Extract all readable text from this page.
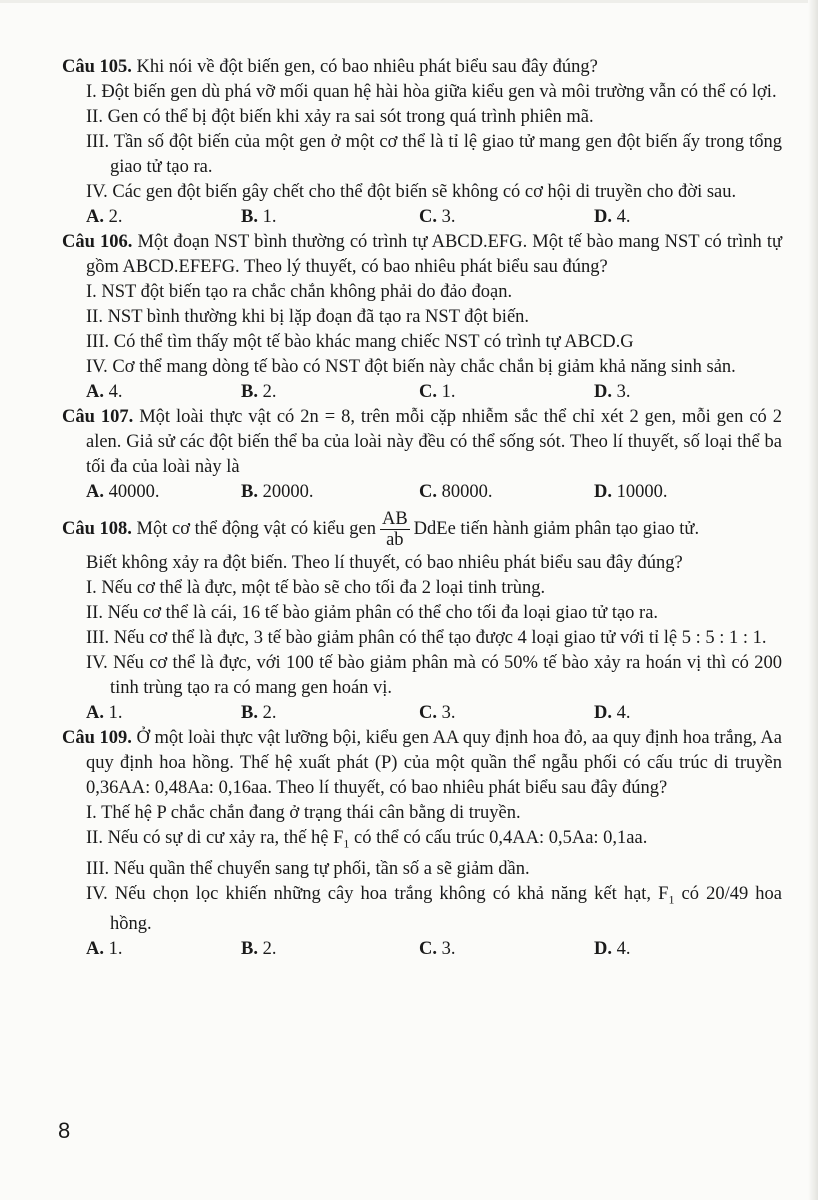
Câu 105. Khi nói về đột biến gen, có bao nhiêu phát biểu sau đây đúng?

I. Đột biến gen dù phá vỡ mối quan hệ hài hòa giữa kiểu gen và môi trường vẫn có thể có lợi.

II. Gen có thể bị đột biến khi xảy ra sai sót trong quá trình phiên mã.

III. Tần số đột biến của một gen ở một cơ thể là tỉ lệ giao tử mang gen đột biến ấy trong tổng giao tử tạo ra.

IV. Các gen đột biến gây chết cho thể đột biến sẽ không có cơ hội di truyền cho đời sau.

A. 2.	B. 1.	C. 3.	D. 4.

Câu 106. Một đoạn NST bình thường có trình tự ABCD.EFG. Một tế bào mang NST có trình tự gồm ABCD.EFEFG. Theo lý thuyết, có bao nhiêu phát biểu sau đúng?

I. NST đột biến tạo ra chắc chắn không phải do đảo đoạn.

II. NST bình thường khi bị lặp đoạn đã tạo ra NST đột biến.

III. Có thể tìm thấy một tế bào khác mang chiếc NST có trình tự ABCD.G

IV. Cơ thể mang dòng tế bào có NST đột biến này chắc chắn bị giảm khả năng sinh sản.

A. 4.	B. 2.	C. 1.	D. 3.

Câu 107. Một loài thực vật có 2n = 8, trên mỗi cặp nhiễm sắc thể chỉ xét 2 gen, mỗi gen có 2 alen. Giả sử các đột biến thể ba của loài này đều có thể sống sót. Theo lí thuyết, số loại thể ba tối đa của loài này là

A. 40000.	B. 20000.	C. 80000.	D. 10000.

Câu 108. Một cơ thể động vật có kiểu gen $\frac{AB}{ab}$ DdEe tiến hành giảm phân tạo giao tử.

Biết không xảy ra đột biến. Theo lí thuyết, có bao nhiêu phát biểu sau đây đúng?

I. Nếu cơ thể là đực, một tế bào sẽ cho tối đa 2 loại tinh trùng.

II. Nếu cơ thể là cái, 16 tế bào giảm phân có thể cho tối đa loại giao tử tạo ra.

III. Nếu cơ thể là đực, 3 tế bào giảm phân có thể tạo được 4 loại giao tử với tỉ lệ 5 : 5 : 1 : 1.

IV. Nếu cơ thể là đực, với 100 tế bào giảm phân mà có 50% tế bào xảy ra hoán vị thì có 200 tinh trùng tạo ra có mang gen hoán vị.

A. 1.	B. 2.	C. 3.	D. 4.

Câu 109. Ở một loài thực vật lưỡng bội, kiểu gen AA quy định hoa đỏ, aa quy định hoa trắng, Aa quy định hoa hồng. Thế hệ xuất phát (P) của một quần thể ngẫu phối có cấu trúc di truyền 0,36AA: 0,48Aa: 0,16aa. Theo lí thuyết, có bao nhiêu phát biểu sau đây đúng?

I. Thế hệ P chắc chắn đang ở trạng thái cân bằng di truyền.

II. Nếu có sự di cư xảy ra, thế hệ $F_1$ có thể có cấu trúc 0,4AA: 0,5Aa: 0,1aa.

III. Nếu quần thể chuyển sang tự phối, tần số a sẽ giảm dần.

IV. Nếu chọn lọc khiến những cây hoa trắng không có khả năng kết hạt, $F_1$ có 20/49 hoa hồng.

A. 1.	B. 2.	C. 3.	D. 4.
8
